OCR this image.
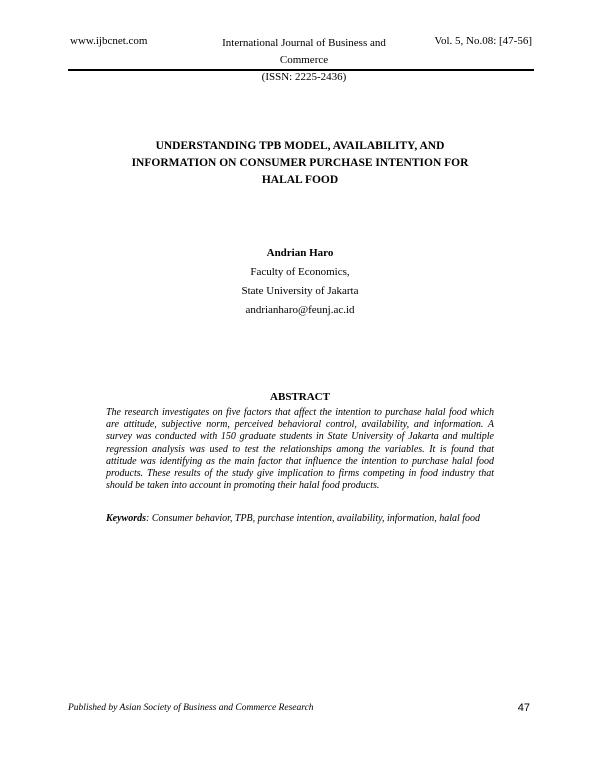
www.ijbcnet.com	International Journal of Business and Commerce
(ISSN: 2225-2436)
Vol. 5, No.08: [47-56]
UNDERSTANDING TPB MODEL, AVAILABILITY, AND
INFORMATION ON CONSUMER PURCHASE INTENTION FOR
HALAL FOOD
Andrian Haro
Faculty of Economics,
State University of Jakarta
andrianharo@feunj.ac.id
ABSTRACT
The research investigates on five factors that affect the intention to purchase halal food which are attitude, subjective norm, perceived behavioral control, availability, and information. A survey was conducted with 150 graduate students in State University of Jakarta and multiple regression analysis was used to test the relationships among the variables. It is found that attitude was identifying as the main factor that influence the intention to purchase halal food products. These results of the study give implication to firms competing in food industry that should be taken into account in promoting their halal food products.
Keywords: Consumer behavior, TPB, purchase intention, availability, information, halal food
Published by Asian Society of Business and Commerce Research	47
